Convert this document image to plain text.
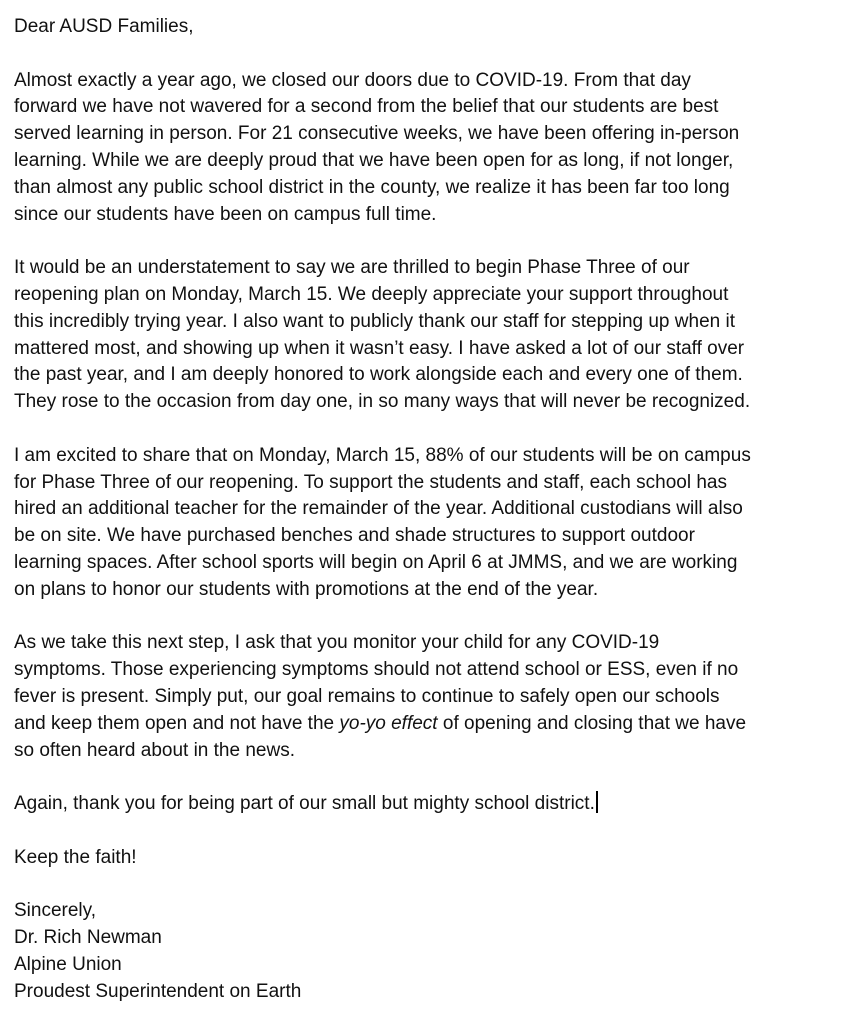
Dear AUSD Families,

Almost exactly a year ago, we closed our doors due to COVID-19. From that day
forward we have not wavered for a second from the belief that our students are best
served learning in person. For 21 consecutive weeks, we have been offering in-person
learning. While we are deeply proud that we have been open for as long, if not longer,
than almost any public school district in the county, we realize it has been far too long
since our students have been on campus full time.

It would be an understatement to say we are thrilled to begin Phase Three of our
reopening plan on Monday, March 15. We deeply appreciate your support throughout
this incredibly trying year. I also want to publicly thank our staff for stepping up when it
mattered most, and showing up when it wasn’t easy. I have asked a lot of our staff over
the past year, and I am deeply honored to work alongside each and every one of them.
They rose to the occasion from day one, in so many ways that will never be recognized.

I am excited to share that on Monday, March 15, 88% of our students will be on campus
for Phase Three of our reopening. To support the students and staff, each school has
hired an additional teacher for the remainder of the year. Additional custodians will also
be on site. We have purchased benches and shade structures to support outdoor
learning spaces. After school sports will begin on April 6 at JMMS, and we are working
on plans to honor our students with promotions at the end of the year.

As we take this next step, I ask that you monitor your child for any COVID-19
symptoms. Those experiencing symptoms should not attend school or ESS, even if no
fever is present. Simply put, our goal remains to continue to safely open our schools
and keep them open and not have the yo-yo effect of opening and closing that we have
so often heard about in the news.

Again, thank you for being part of our small but mighty school district.

Keep the faith!

Sincerely,
Dr. Rich Newman
Alpine Union
Proudest Superintendent on Earth
